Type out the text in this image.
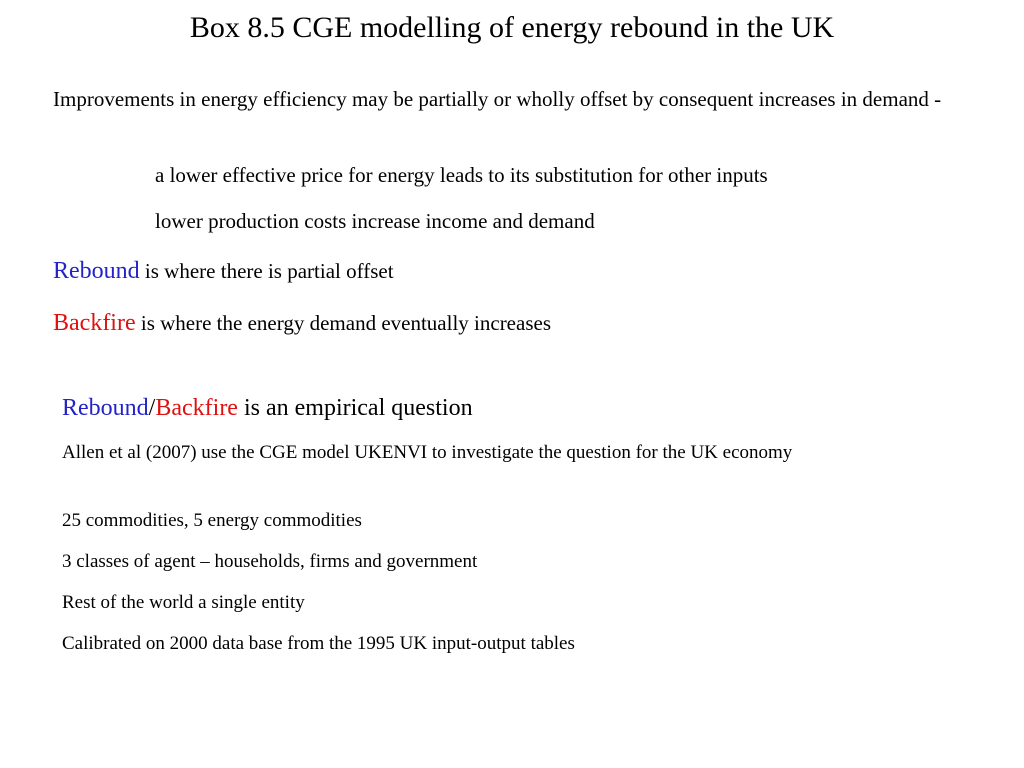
Box 8.5 CGE modelling of energy rebound in the UK
Improvements in energy efficiency may be partially or wholly offset by consequent increases in demand -
a lower effective price for energy leads to its substitution for other inputs
lower production costs increase income and demand
Rebound is where there is partial offset
Backfire is where the energy demand eventually increases
Rebound/Backfire is an empirical question
Allen et al (2007) use the CGE model UKENVI to investigate the question for the UK economy
25 commodities, 5 energy commodities
3 classes of agent – households, firms and government
Rest of the world a single entity
Calibrated on 2000 data base from the 1995 UK input-output tables
